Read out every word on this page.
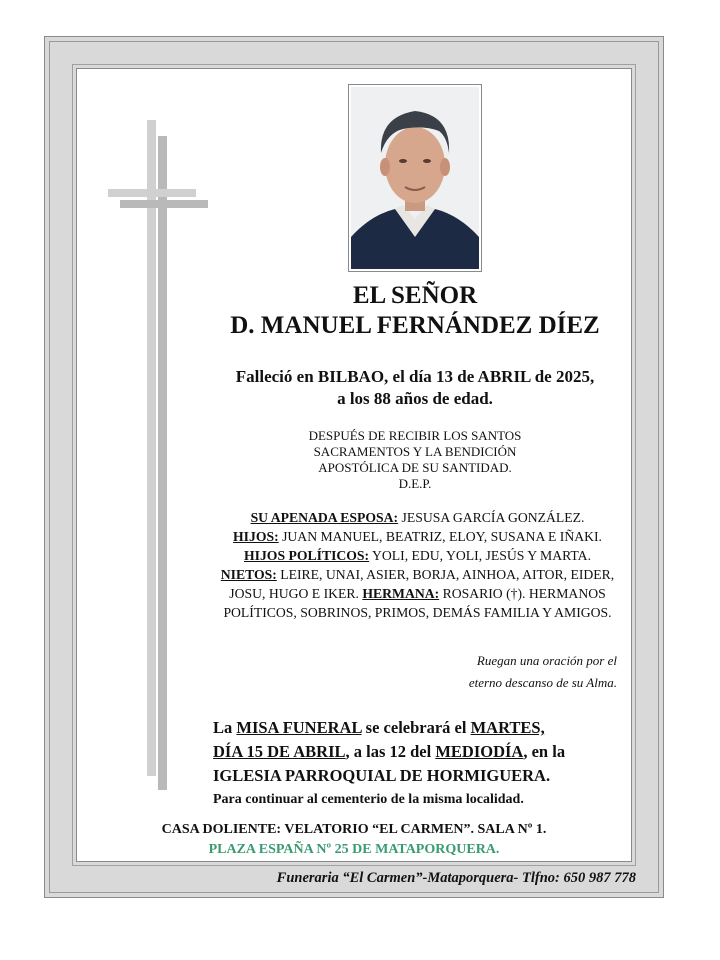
EL SEÑOR
D. MANUEL FERNÁNDEZ DÍEZ
Falleció en BILBAO, el día 13 de ABRIL de 2025,
a los 88 años de edad.
DESPUÉS DE RECIBIR LOS SANTOS
SACRAMENTOS Y LA BENDICIÓN
APOSTÓLICA DE SU SANTIDAD.
D.E.P.
SU APENADA ESPOSA: JESUSA GARCÍA GONZÁLEZ.
HIJOS: JUAN MANUEL, BEATRIZ, ELOY, SUSANA E IÑAKI. HIJOS POLÍTICOS: YOLI, EDU, YOLI, JESÚS Y MARTA. NIETOS: LEIRE, UNAI, ASIER, BORJA, AINHOA, AITOR, EIDER, JOSU, HUGO E IKER. HERMANA: ROSARIO (†). HERMANOS POLÍTICOS, SOBRINOS, PRIMOS, DEMÁS FAMILIA Y AMIGOS.
Ruegan una oración por el
eterno descanso de su Alma.
La MISA FUNERAL se celebrará el MARTES,
DÍA 15 DE ABRIL, a las 12 del MEDIODÍA, en la
IGLESIA PARROQUIAL DE HORMIGUERA.
Para continuar al cementerio de la misma localidad.
CASA DOLIENTE: VELATORIO “EL CARMEN”. SALA Nº 1.
PLAZA ESPAÑA Nº 25 DE MATAPORQUERA.
Funeraria “El Carmen”-Mataporquera- Tlfno: 650 987 778
